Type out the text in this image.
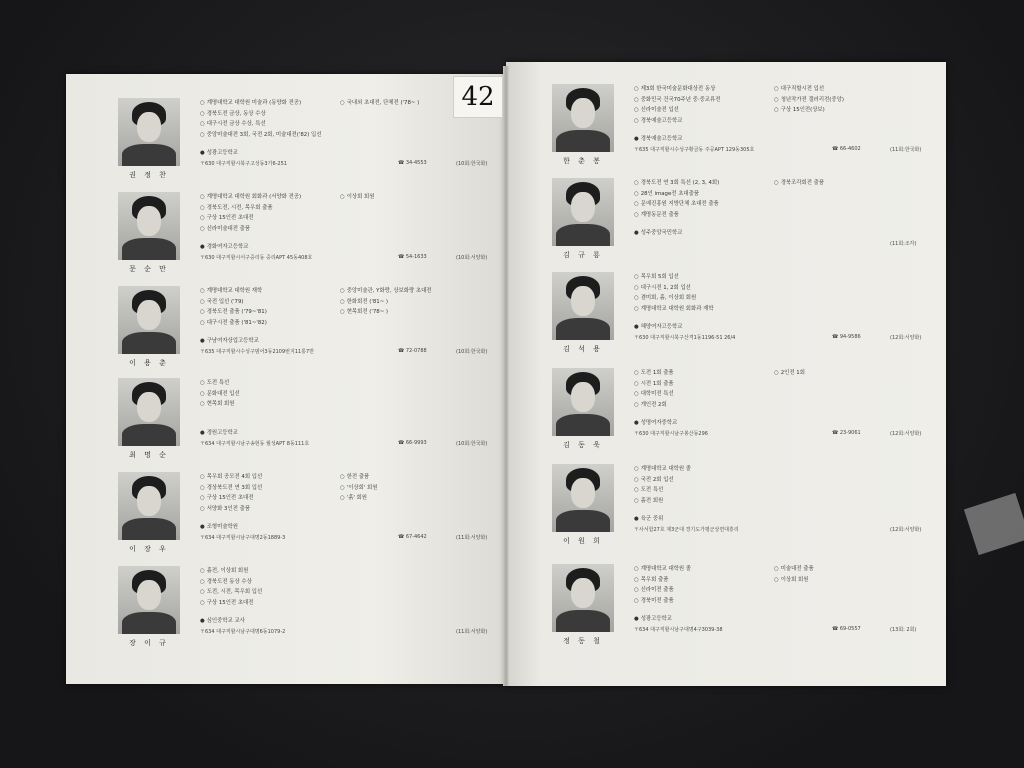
42
권 정 찬
○ 계명대학교 대학원 미술과 (동양화 전공)
○ 경북도전 금상, 동상 수상
○ 대구시전 금상 수상, 특선
○ 중앙미술대전 3회, 국전 2회, 미술대전('82) 입선
○ 국내외 초대전, 단체전 ('78~ )
● 성광고등학교
〒630 대구직할시북구고성동3가6-251	☎ 34-4553	(10회:한국화)
문 순 만
○ 계명대학교 대학원 회화과 (서양화 전공)
○ 경북도전, 시전, 목우회 출품
○ 구상 15인전 초대전
○ 신라미술대전 출품
○ 이상회 회원
● 경화여자고등학교
〒630 대구직할시서구중리동 중리APT 45동408호	☎ 54-1633	(10회:서양화)
이 용 춘
○ 계명대학교 대학원 재학
○ 국전 입선 ('79)
○ 경북도전 출품 ('79~'81)
○ 대구시전 출품 ('81~'82)
○ 중앙미술관, Y화랑, 상보화랑 초대전
○ 한화회전 ('81~ )
○ 현목회전 ('78~ )
● 구남여자상업고등학교
〒635 대구직할시수성구범어3동2109번지11통7반	☎ 72-0788	(10회:한국화)
최 명 순
○ 도전 특선
○ 문화대전 입선
○ 현목회 회원
● 경원고등학교
〒634 대구직할시남구송현동 월성APT 8동111호	☎ 66-9993	(10회:한국화)
이 장 우
○ 목우회 공모전 4회 입선
○ 경상북도전 연 3회 입선
○ 구상 15인전 초대전
○ 서양화 3인전 출품
○ 한전 출품
○ '이상회' 회원
○ '흙' 회원
● 조형미술학원
〒634 대구직할시남구대명2동1889-3	☎ 67-4642	(11회:서양화)
장 이 규
○ 흙전, 이상회 회원
○ 경북도전 동상 수상
○ 도전, 시전, 목우회 입선
○ 구상 15인전 초대전
● 심인중학교 교사
〒634 대구직할시남구대명6동1079-2	(11회:서양화)
한 춘 봉
○ 제3회 한국미술문화대상전 동상
○ 중화민국 건국70주년 중·중교류전
○ 신라미술전 입선
○ 경북예술고등학교
○ 대구직할시전 입선
○ 청년작가전 갤러리전(중앙)
○ 구상 15인전(상보)
● 경북예술고등학교
〒635 대구직할시수성구황금동 주공APT 129동305호	☎ 66-4602	(11회:한국화)
김 규 룡
○ 경북도전 연 3회 특선 (2, 3, 4회)
○ 28인 image전 초대출품
○ 문예진흥원 지방단체 초대전 출품
○ 계명동문전 출품
○ 경북조각회전 출품
● 성주중앙국민학교
(11회:조각)
김 석 용
○ 목우회 5회 입선
○ 대구시전 1, 2회 입선
○ 겸미회, 흙, 이상회 회원
○ 계명대학교 대학원 회화과 재학
● 혜양여자고등학교
〒630 대구직할시북구산격1동1196-51 26/4	☎ 94-9586	(12회:서양화)
김 동 욱
○ 도전 1회 출품
○ 시전 1회 출품
○ 대학미전 특선
○ 개인전 2회
○ 2인전 1회
● 성명여자중학교
〒630 대구직할시남구봉산동296	☎ 23-9061	(12회:서양화)
이 원 희
○ 계명대학교 대학원 졸
○ 국전 2회 입선
○ 도전 특선
○ 흙전 회원
● 육군 중위
〒사서함27호 제3군대 경기도가평군상면대흥리	(12회:서양화)
정 동 철
○ 계명대학교 대학원 졸
○ 목우회 출품
○ 신라미전 출품
○ 경북미전 출품
○ 미술대전 출품
○ 이상회 회원
● 성광고등학교
〒634 대구직할시남구대명4구3039-38	☎ 69-0557	(13회: 2회)
